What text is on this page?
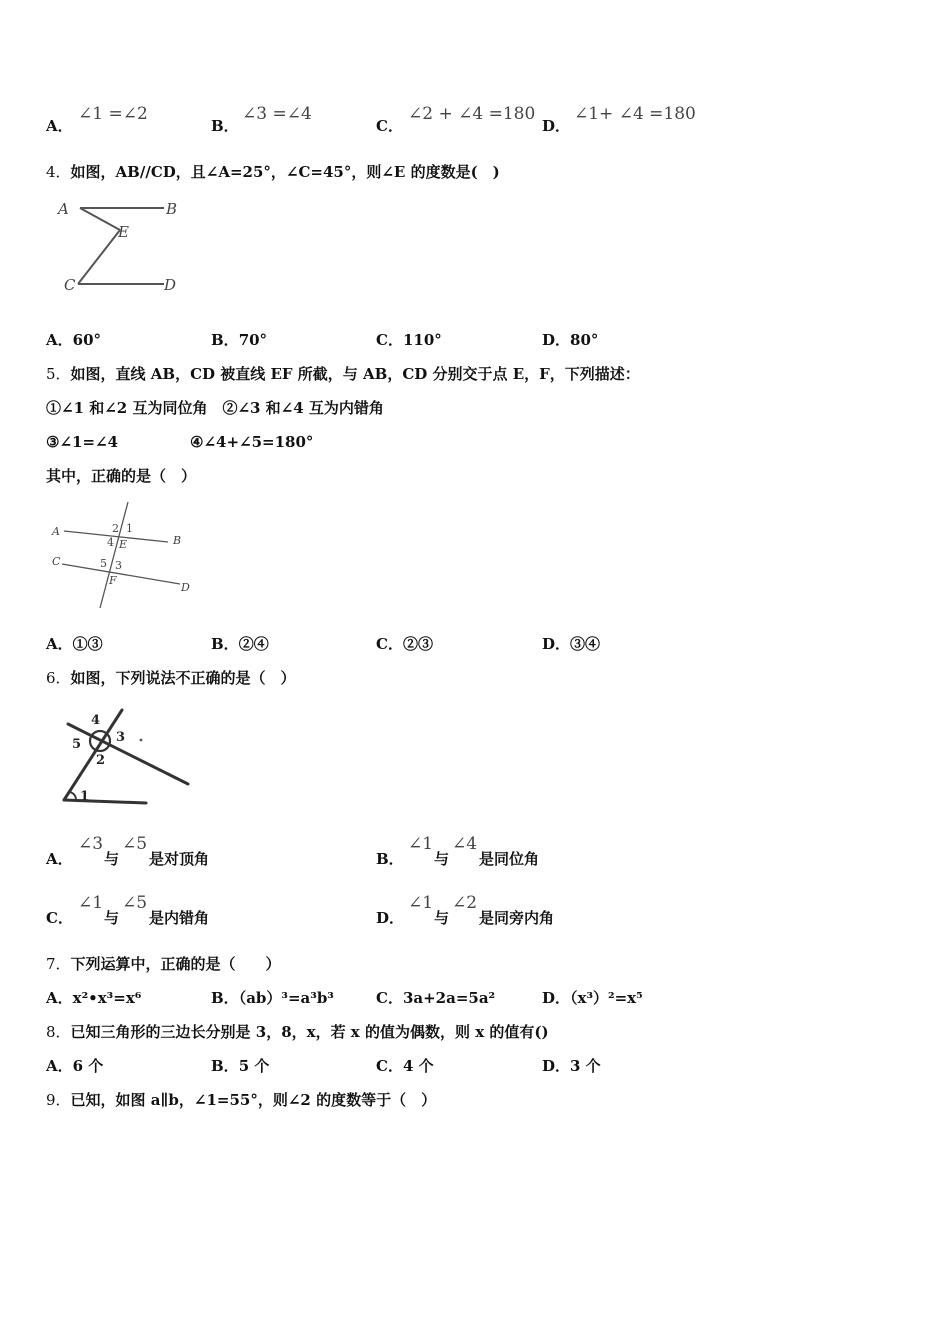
A．
∠1 =∠2
B．
∠3 =∠4
C．
∠2 + ∠4 =180
D．
∠1+ ∠4 =180
4．如图，AB//CD，且∠A=25°，∠C=45°，则∠E 的度数是(　)
A	B
E
C	D
A．60°	B．70°	C．110°	D．80°
5．如图，直线 AB，CD 被直线 EF 所截，与 AB，CD 分别交于点 E，F，下列描述：
①∠1 和∠2 互为同位角　②∠3 和∠4 互为内错角
③∠1=∠4	④∠4+∠5=180°
其中，正确的是（　）
A
B
C
D
E
F
2 1
4
5 3
A．①③	B．②④	C．②③	D．③④
6．如图，下列说法不正确的是（　）
1
2
3
4
5
A．
∠3
与
∠5
是对顶角	B．
∠1
与
∠4
是同位角
C．
∠1
与
∠5
是内错角	D．
∠1
与
∠2
是同旁内角
7．下列运算中，正确的是（　　）
A．x²•x³=x⁶	B．（ab）³=a³b³	C．3a+2a=5a²	D．（x³）²=x⁵
8．已知三角形的三边长分别是 3，8，x，若 x 的值为偶数，则 x 的值有()
A．6 个	B．5 个	C．4 个	D．3 个
9．已知，如图 a∥b，∠1=55°，则∠2 的度数等于（　）
